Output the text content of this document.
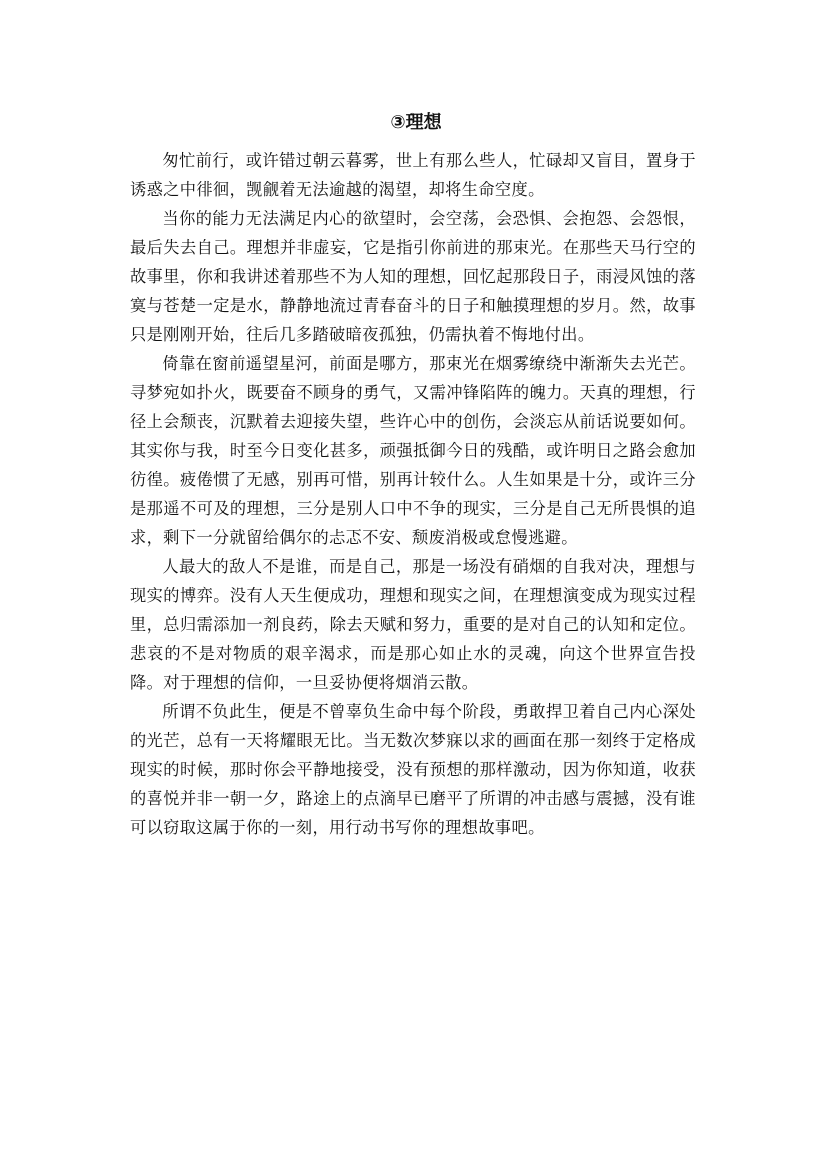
③理想

匆忙前行，或许错过朝云暮雾，世上有那么些人，忙碌却又盲目，置身于诱惑之中徘徊，觊觎着无法逾越的渴望，却将生命空度。

当你的能力无法满足内心的欲望时，会空荡，会恐惧、会抱怨、会怨恨，最后失去自己。理想并非虚妄，它是指引你前进的那束光。在那些天马行空的故事里，你和我讲述着那些不为人知的理想，回忆起那段日子，雨浸风蚀的落寞与苍楚一定是水，静静地流过青春奋斗的日子和触摸理想的岁月。然，故事只是刚刚开始，往后几多踏破暗夜孤独，仍需执着不悔地付出。

倚靠在窗前遥望星河，前面是哪方，那束光在烟雾缭绕中渐渐失去光芒。寻梦宛如扑火，既要奋不顾身的勇气，又需冲锋陷阵的魄力。天真的理想，行径上会颓丧，沉默着去迎接失望，些许心中的创伤，会淡忘从前话说要如何。其实你与我，时至今日变化甚多，顽强抵御今日的残酷，或许明日之路会愈加彷徨。疲倦惯了无感，别再可惜，别再计较什么。人生如果是十分，或许三分是那遥不可及的理想，三分是别人口中不争的现实，三分是自己无所畏惧的追求，剩下一分就留给偶尔的忐忑不安、颓废消极或怠慢逃避。

人最大的敌人不是谁，而是自己，那是一场没有硝烟的自我对决，理想与现实的博弈。没有人天生便成功，理想和现实之间，在理想演变成为现实过程里，总归需添加一剂良药，除去天赋和努力，重要的是对自己的认知和定位。悲哀的不是对物质的艰辛渴求，而是那心如止水的灵魂，向这个世界宣告投降。对于理想的信仰，一旦妥协便将烟消云散。

所谓不负此生，便是不曾辜负生命中每个阶段，勇敢捍卫着自己内心深处的光芒，总有一天将耀眼无比。当无数次梦寐以求的画面在那一刻终于定格成现实的时候，那时你会平静地接受，没有预想的那样激动，因为你知道，收获的喜悦并非一朝一夕，路途上的点滴早已磨平了所谓的冲击感与震撼，没有谁可以窃取这属于你的一刻，用行动书写你的理想故事吧。
